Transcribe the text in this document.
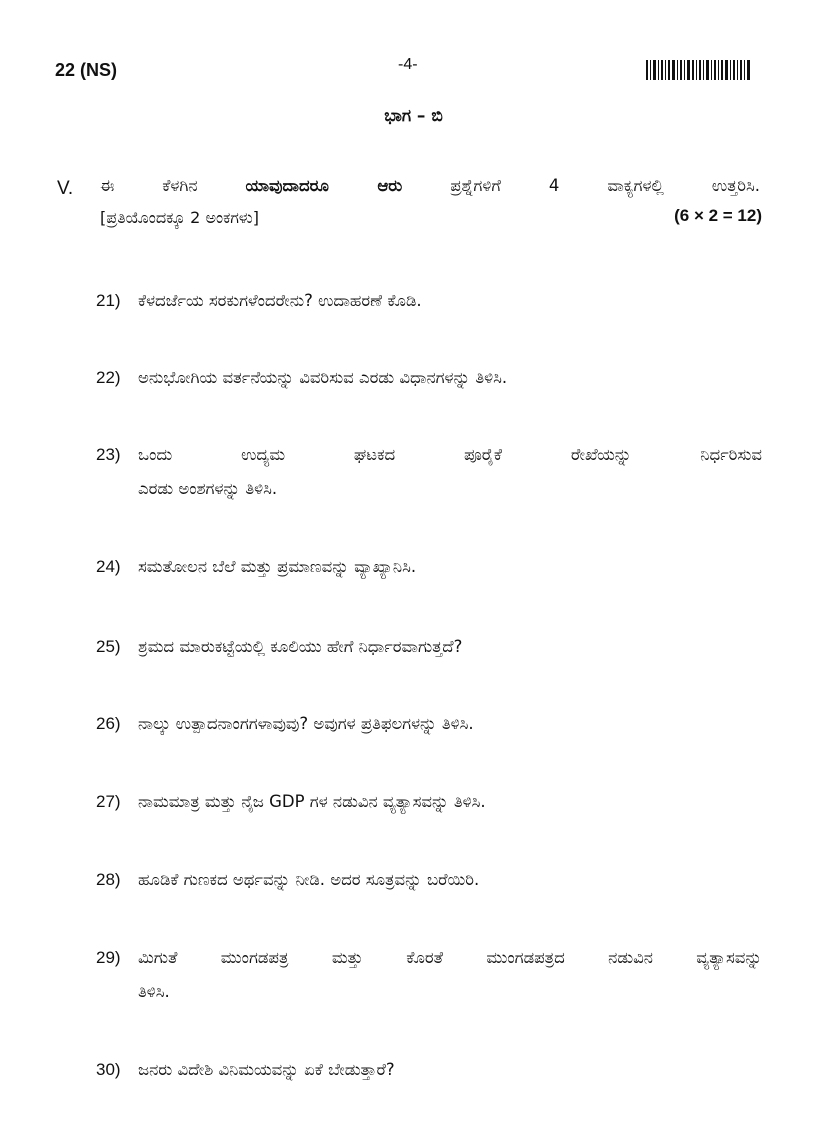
22 (NS)	-4-
ಭಾಗ – ಬಿ
V. ಈ ಕೆಳಗಿನ	ಯಾವುದಾದರೂ ಆರು	ಪ್ರಶ್ನೆಗಳಿಗೆ 4 ವಾಕ್ಯಗಳಲ್ಲಿ ಉತ್ತರಿಸಿ.
[ಪ್ರತಿಯೊಂದಕ್ಕೂ 2 ಅಂಕಗಳು]	(6 × 2 = 12)
21)	ಕೆಳದರ್ಜೆಯ ಸರಕುಗಳೆಂದರೇನು? ಉದಾಹರಣೆ ಕೊಡಿ.
22)	ಅನುಭೋಗಿಯ ವರ್ತನೆಯನ್ನು ವಿವರಿಸುವ ಎರಡು ವಿಧಾನಗಳನ್ನು ತಿಳಿಸಿ.
23)	ಒಂದು ಉದ್ಯಮ ಘಟಕದ ಪೂರೈಕೆ ರೇಖೆಯನ್ನು ನಿರ್ಧರಿಸುವ
ಎರಡು ಅಂಶಗಳನ್ನು ತಿಳಿಸಿ.
24)	ಸಮತೋಲನ ಬೆಲೆ ಮತ್ತು ಪ್ರಮಾಣವನ್ನು ವ್ಯಾಖ್ಯಾನಿಸಿ.
25)	ಶ್ರಮದ ಮಾರುಕಟ್ಟೆಯಲ್ಲಿ ಕೂಲಿಯು ಹೇಗೆ ನಿರ್ಧಾರವಾಗುತ್ತದೆ?
26)	ನಾಲ್ಕು ಉತ್ಪಾದನಾಂಗಗಳಾವುವು? ಅವುಗಳ ಪ್ರತಿಫಲಗಳನ್ನು ತಿಳಿಸಿ.
27)	ನಾಮಮಾತ್ರ ಮತ್ತು ನೈಜ GDP ಗಳ ನಡುವಿನ ವ್ಯತ್ಯಾಸವನ್ನು ತಿಳಿಸಿ.
28)	ಹೂಡಿಕೆ ಗುಣಕದ ಅರ್ಥವನ್ನು ನೀಡಿ. ಅದರ ಸೂತ್ರವನ್ನು ಬರೆಯಿರಿ.
29)	ಮಿಗುತೆ ಮುಂಗಡಪತ್ರ ಮತ್ತು ಕೊರತೆ ಮುಂಗಡಪತ್ರದ ನಡುವಿನ ವ್ಯತ್ಯಾಸವನ್ನು
ತಿಳಿಸಿ.
30)	ಜನರು ವಿದೇಶಿ ವಿನಿಮಯವನ್ನು ಏಕೆ ಬೇಡುತ್ತಾರೆ?
